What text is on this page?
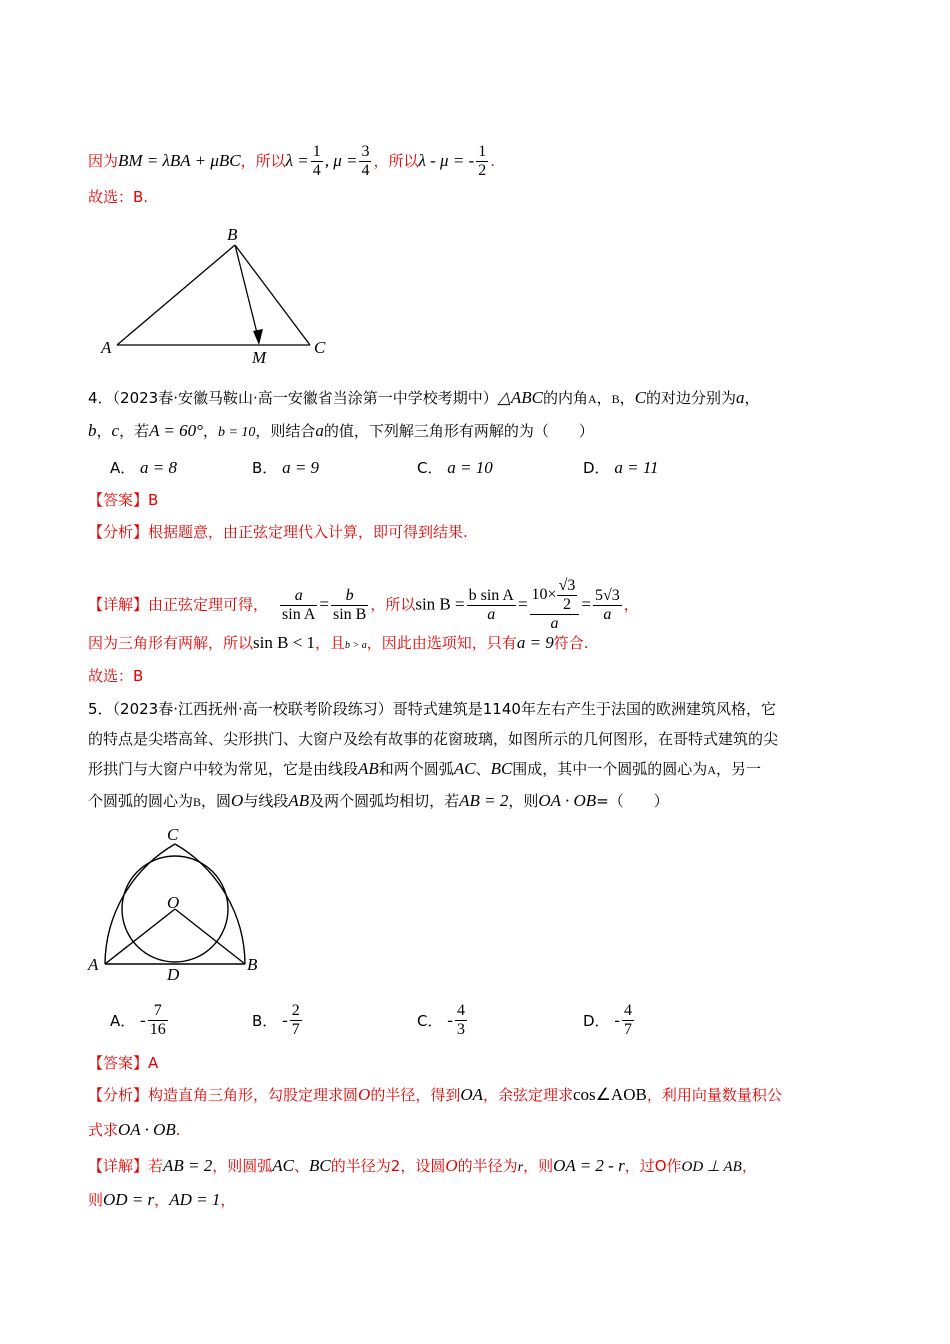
因为BM = λBA + μBC，所以$\lambda = \frac{1}{4}$ , $\mu = \frac{3}{4}$ ，所以λ - μ = - $\frac{1}{2}$ .
故选：B.
A
B
C
M
4．（2023春·安徽马鞍山·高一安徽省当涂第一中学校考期中）△ABC的内角A，B，C的对边分别为a，
b，c，若A = 60°，b = 10，则结合a的值，下列解三角形有两解的为（　　）
A． a = 8	B． a = 9	C． a = 10	D． a = 11
【答案】B
【分析】根据题意，由正弦定理代入计算，即可得到结果.
【详解】由正弦定理可得， $\frac{a}{\text{sin A}} = \frac{b}{\text{sin B}}$ ，所以$\sin B = \frac{\text{b sin A}}{a} = \frac{10\times \frac{√3}{2}}{a} = \frac{5√3}{a}$ ，
因为三角形有两解，所以sin B < 1，且b > a，因此由选项知，只有a = 9符合.
故选：B
5．（2023春·江西抚州·高一校联考阶段练习）哥特式建筑是1140年左右产生于法国的欧洲建筑风格，它
的特点是尖塔高耸、尖形拱门、大窗户及绘有故事的花窗玻璃，如图所示的几何图形，在哥特式建筑的尖
形拱门与大窗户中较为常见，它是由线段AB和两个圆弧AC、BC围成，其中一个圆弧的圆心为A，另一
个圆弧的圆心为B，圆O与线段AB及两个圆弧均相切，若AB = 2，则OA · OB=（　　）
C
O
A
D
B
A． - $\frac{7}{16}$	B． - $\frac{2}{7}$	C． - $\frac{4}{3}$	D． - $\frac{4}{7}$
【答案】A
【分析】构造直角三角形，勾股定理求圆O的半径，得到OA，余弦定理求cos∠AOB，利用向量数量积公
式求OA · OB.
【详解】若AB = 2，则圆弧AC、BC的半径为2，设圆O的半径为r，则OA = 2 - r，过O作OD ⊥ AB，
则OD = r，AD = 1，
